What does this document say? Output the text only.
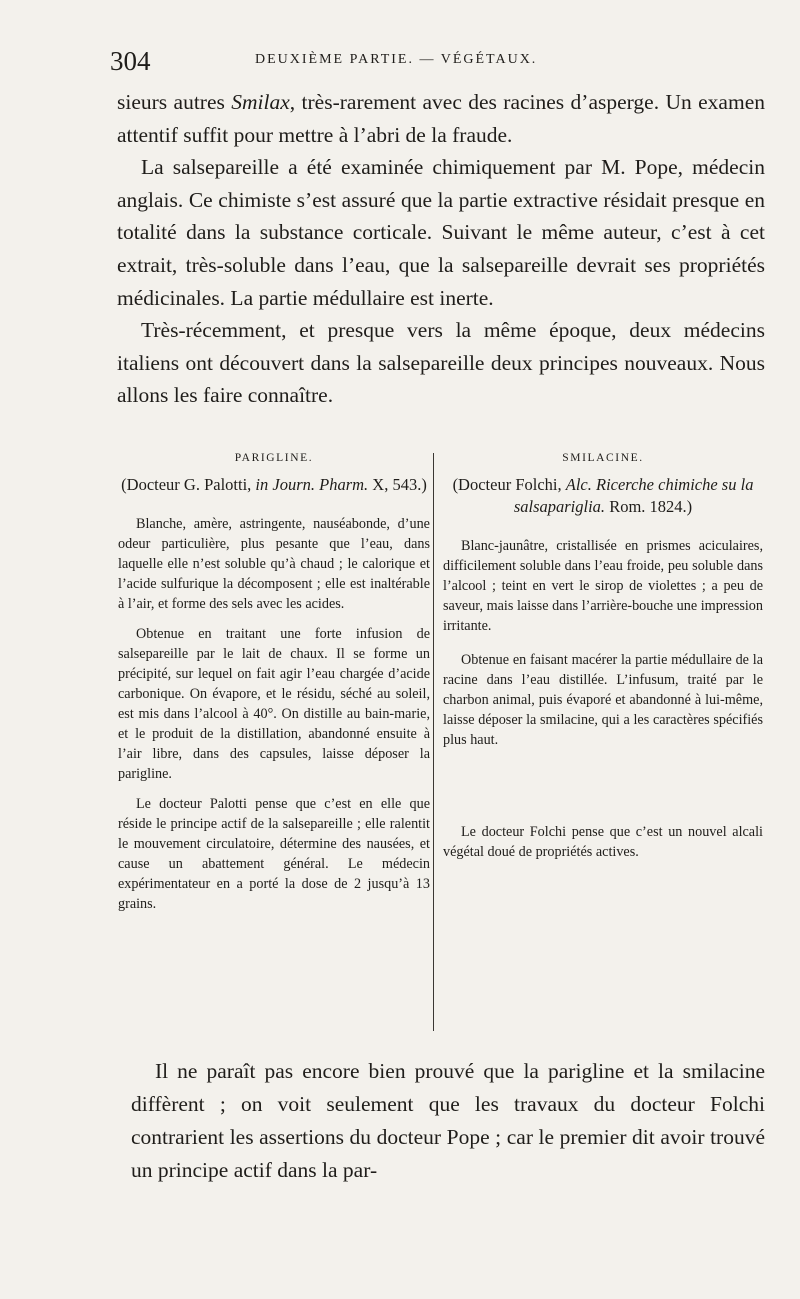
304	DEUXIÈME PARTIE. — VÉGÉTAUX.

sieurs autres Smilax, très-rarement avec des racines d’asperge. Un examen attentif suffit pour mettre à l’abri de la fraude.

La salsepareille a été examinée chimiquement par M. Pope, médecin anglais. Ce chimiste s’est assuré que la partie extractive résidait presque en totalité dans la substance corticale. Suivant le même auteur, c’est à cet extrait, très-soluble dans l’eau, que la salsepareille devrait ses propriétés médicinales. La partie médullaire est inerte.

Très-récemment, et presque vers la même époque, deux médecins italiens ont découvert dans la salsepareille deux principes nouveaux. Nous allons les faire connaître.

PARIGLINE.
(Docteur G. Palotti, in Journ. Pharm. X, 543.)

Blanche, amère, astringente, nauséabonde, d’une odeur particulière, plus pesante que l’eau, dans laquelle elle n’est soluble qu’à chaud ; le calorique et l’acide sulfurique la décomposent ; elle est inaltérable à l’air, et forme des sels avec les acides.

Obtenue en traitant une forte infusion de salsepareille par le lait de chaux. Il se forme un précipité, sur lequel on fait agir l’eau chargée d’acide carbonique. On évapore, et le résidu, séché au soleil, est mis dans l’alcool à 40°. On distille au bain-marie, et le produit de la distillation, abandonné ensuite à l’air libre, dans des capsules, laisse déposer la parigline.

Le docteur Palotti pense que c’est en elle que réside le principe actif de la salsepareille ; elle ralentit le mouvement circulatoire, détermine des nausées, et cause un abattement général. Le médecin expérimentateur en a porté la dose de 2 jusqu’à 13 grains.

SMILACINE.
(Docteur Folchi, Alc. Ricerche chimiche su la salsapariglia. Rom. 1824.)

Blanc-jaunâtre, cristallisée en prismes aciculaires, difficilement soluble dans l’eau froide, peu soluble dans l’alcool ; teint en vert le sirop de violettes ; a peu de saveur, mais laisse dans l’arrière-bouche une impression irritante.

Obtenue en faisant macérer la partie médullaire de la racine dans l’eau distillée. L’infusum, traité par le charbon animal, puis évaporé et abandonné à lui-même, laisse déposer la smilacine, qui a les caractères spécifiés plus haut.

Le docteur Folchi pense que c’est un nouvel alcali végétal doué de propriétés actives.

Il ne paraît pas encore bien prouvé que la parigline et la smilacine diffèrent ; on voit seulement que les travaux du docteur Folchi contrarient les assertions du docteur Pope ; car le premier dit avoir trouvé un principe actif dans la par-
